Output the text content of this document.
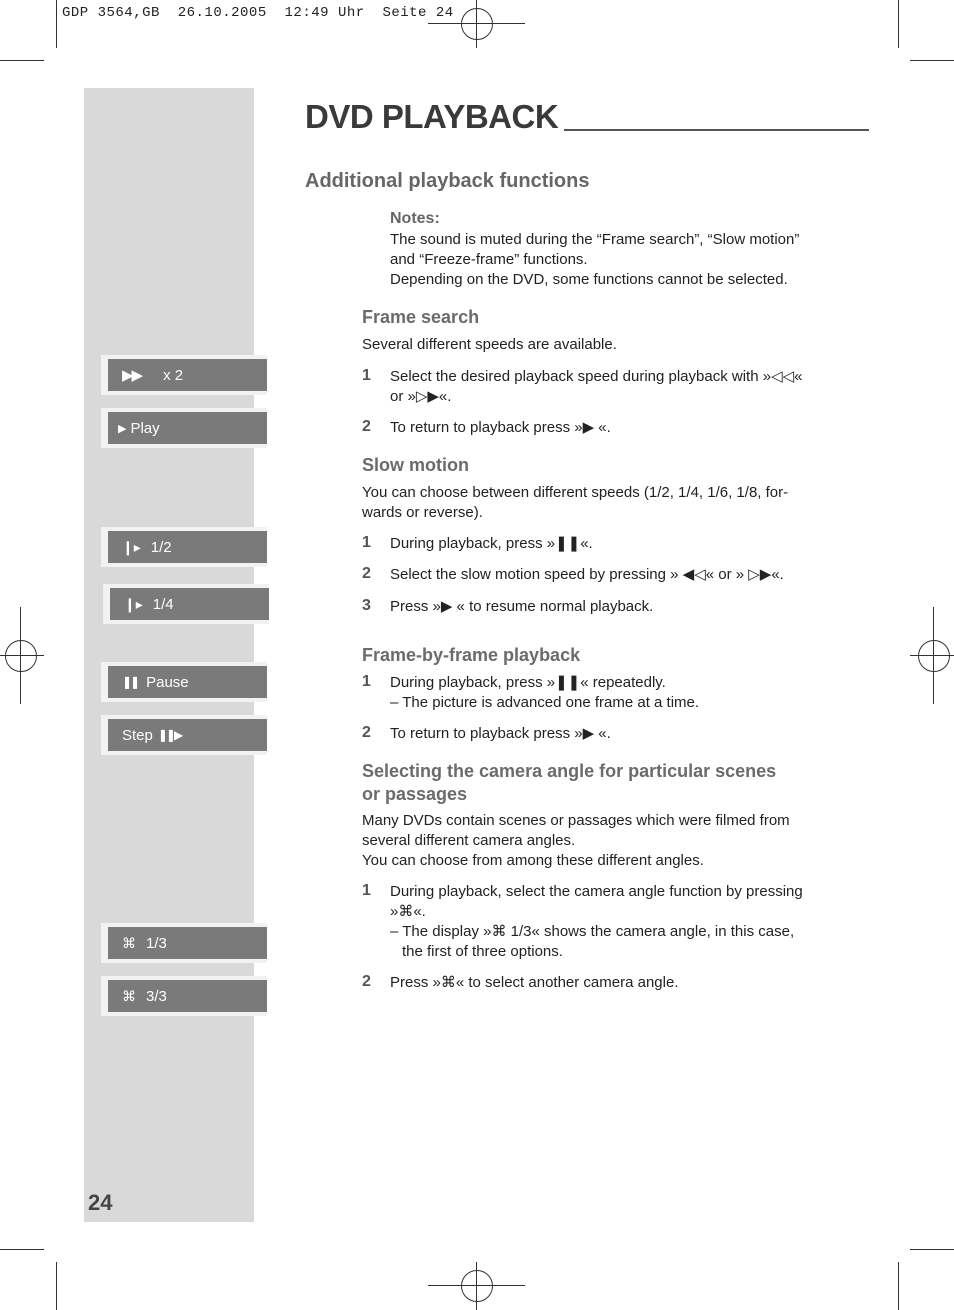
GDP 3564,GB  26.10.2005  12:49 Uhr  Seite 24
24
▶▶ x 2
▶ Play
❙▸ 1/2
❙▸ 1/4
❚❚ Pause
Step ❚❚▶
⌘ 1/3
⌘ 3/3
DVD PLAYBACK
Additional playback functions
Notes:
The sound is muted during the “Frame search”, “Slow motion”
and “Freeze-frame” functions.
Depending on the DVD, some functions cannot be selected.
Frame search
Several different speeds are available.
1 Select the desired playback speed during playback with »◁◁«
or »▷▶«.
2 To return to playback press »▶ «.
Slow motion
You can choose between different speeds (1/2, 1/4, 1/6, 1/8, for-
wards or reverse).
1 During playback, press »❚❚«.
2 Select the slow motion speed by pressing » ◀◁« or » ▷▶«.
3 Press »▶ « to resume normal playback.
Frame-by-frame playback
1 During playback, press »❚❚« repeatedly.
– The picture is advanced one frame at a time.
2 To return to playback press »▶ «.
Selecting the camera angle for particular scenes
or passages
Many DVDs contain scenes or passages which were filmed from
several different camera angles.
You can choose from among these different angles.
1 During playback, select the camera angle function by pressing
»⌘«.
– The display »⌘ 1/3« shows the camera angle, in this case,
the first of three options.
2 Press »⌘« to select another camera angle.
